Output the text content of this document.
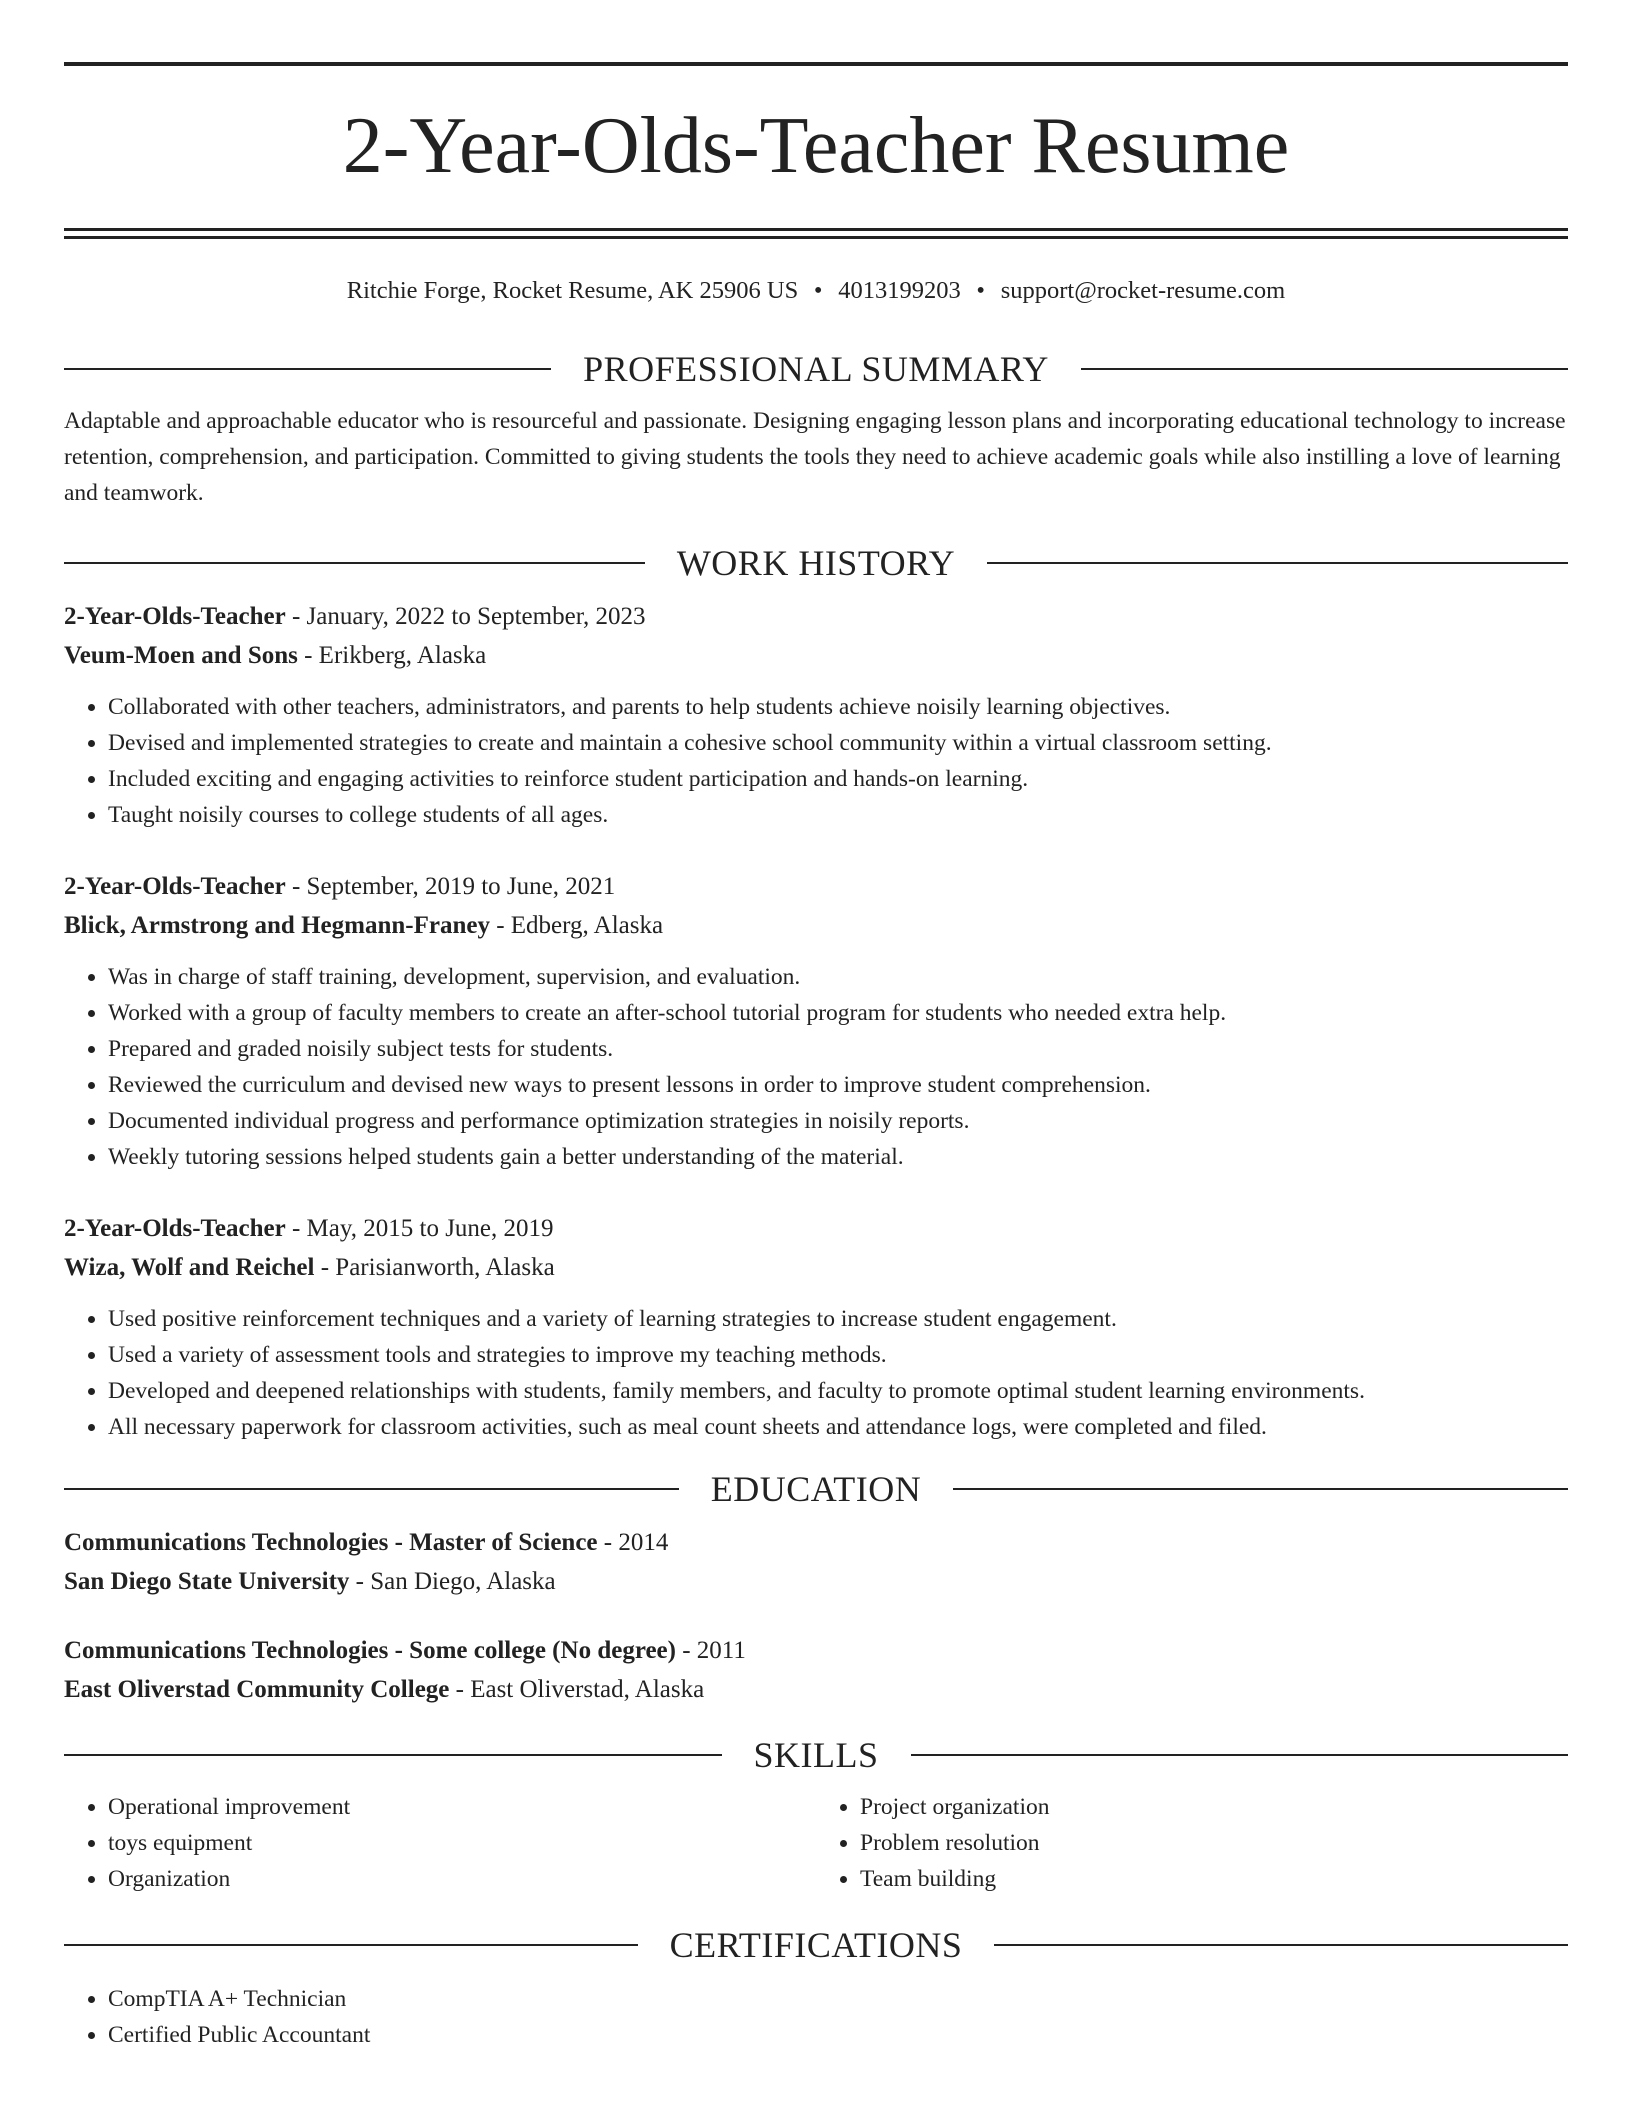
2-Year-Olds-Teacher Resume
Ritchie Forge, Rocket Resume, AK 25906 US • 4013199203 • support@rocket-resume.com
PROFESSIONAL SUMMARY

Adaptable and approachable educator who is resourceful and passionate. Designing engaging lesson plans and incorporating educational technology to increase retention, comprehension, and participation. Committed to giving students the tools they need to achieve academic goals while also instilling a love of learning and teamwork.

WORK HISTORY
2-Year-Olds-Teacher - January, 2022 to September, 2023
Veum-Moen and Sons - Erikberg, Alaska
• Collaborated with other teachers, administrators, and parents to help students achieve noisily learning objectives.
• Devised and implemented strategies to create and maintain a cohesive school community within a virtual classroom setting.
• Included exciting and engaging activities to reinforce student participation and hands-on learning.
• Taught noisily courses to college students of all ages.
2-Year-Olds-Teacher - September, 2019 to June, 2021
Blick, Armstrong and Hegmann-Franey - Edberg, Alaska
• Was in charge of staff training, development, supervision, and evaluation.
• Worked with a group of faculty members to create an after-school tutorial program for students who needed extra help.
• Prepared and graded noisily subject tests for students.
• Reviewed the curriculum and devised new ways to present lessons in order to improve student comprehension.
• Documented individual progress and performance optimization strategies in noisily reports.
• Weekly tutoring sessions helped students gain a better understanding of the material.
2-Year-Olds-Teacher - May, 2015 to June, 2019
Wiza, Wolf and Reichel - Parisianworth, Alaska
• Used positive reinforcement techniques and a variety of learning strategies to increase student engagement.
• Used a variety of assessment tools and strategies to improve my teaching methods.
• Developed and deepened relationships with students, family members, and faculty to promote optimal student learning environments.
• All necessary paperwork for classroom activities, such as meal count sheets and attendance logs, were completed and filed.
EDUCATION
Communications Technologies - Master of Science - 2014
San Diego State University - San Diego, Alaska
Communications Technologies - Some college (No degree) - 2011
East Oliverstad Community College - East Oliverstad, Alaska
SKILLS
• Operational improvement
• toys equipment
• Organization
• Project organization
• Problem resolution
• Team building
CERTIFICATIONS
• CompTIA A+ Technician
• Certified Public Accountant
